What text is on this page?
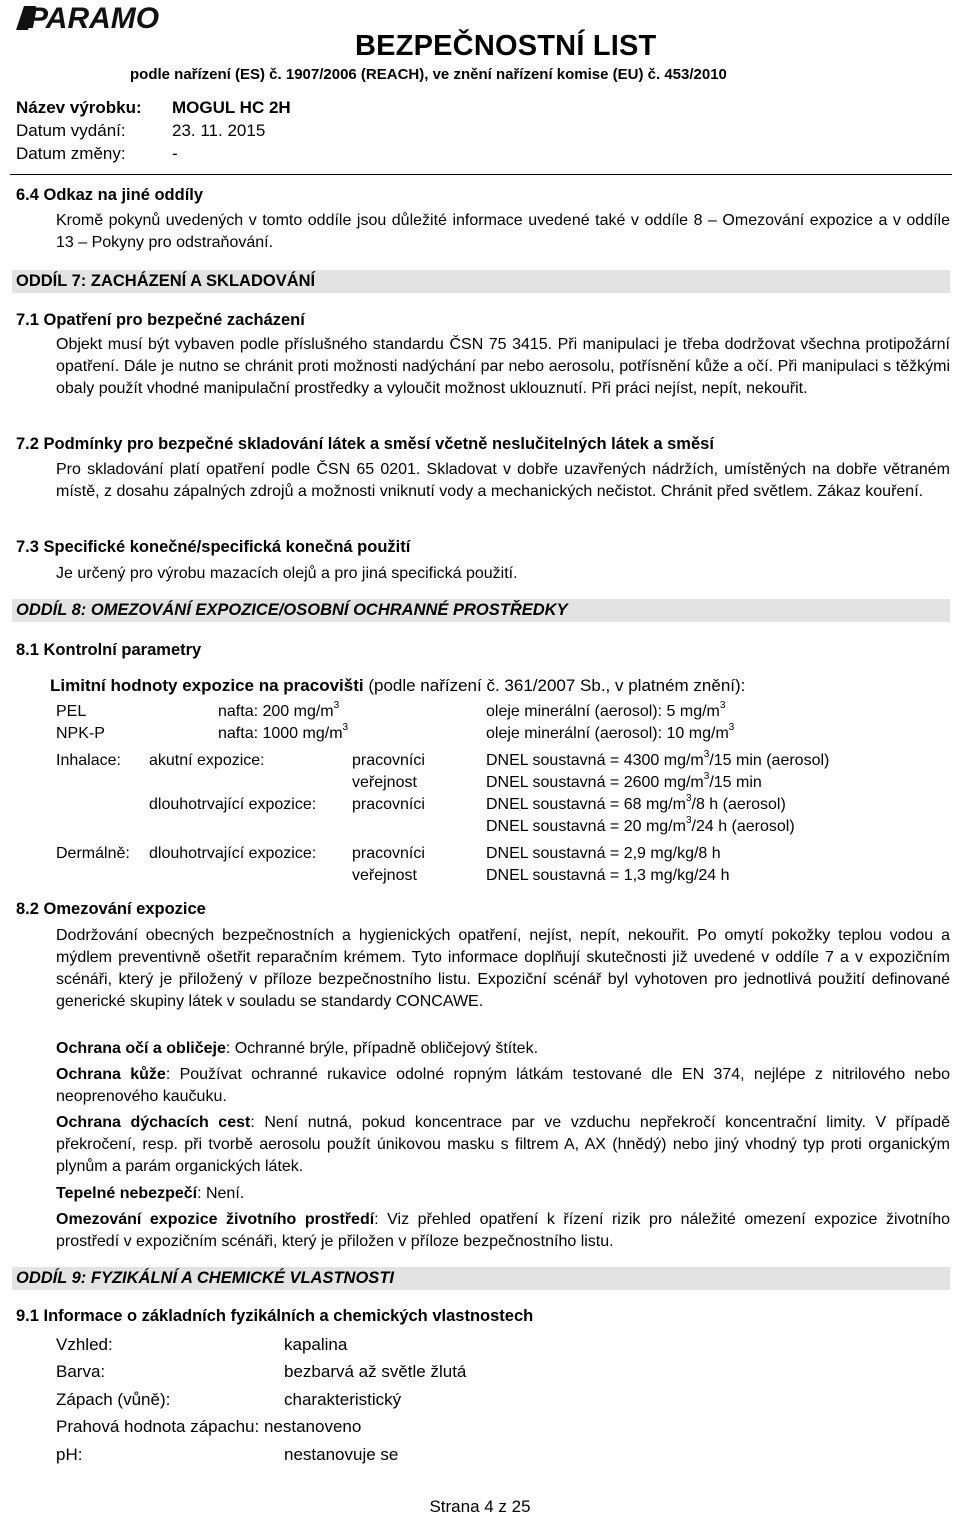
PARAMO
BEZPEČNOSTNÍ LIST
podle nařízení (ES) č. 1907/2006 (REACH), ve znění nařízení komise (EU) č. 453/2010
Název výrobku: MOGUL HC 2H
Datum vydání:	23. 11. 2015
Datum změny:	-
6.4 Odkaz na jiné oddíly
Kromě pokynů uvedených v tomto oddíle jsou důležité informace uvedené také v oddíle 8 – Omezování expozice a v oddíle 13 – Pokyny pro odstraňování.
ODDÍL 7: ZACHÁZENÍ A SKLADOVÁNÍ
7.1 Opatření pro bezpečné zacházení
Objekt musí být vybaven podle příslušného standardu ČSN 75 3415. Při manipulaci je třeba dodržovat všechna protipožární opatření. Dále je nutno se chránit proti možnosti nadýchání par nebo aerosolu, potřísnění kůže a očí. Při manipulaci s těžkými obaly použít vhodné manipulační prostředky a vyloučit možnost uklouznutí. Při práci nejíst, nepít, nekouřit.
7.2 Podmínky pro bezpečné skladování látek a směsí včetně neslučitelných látek a směsí
Pro skladování platí opatření podle ČSN 65 0201. Skladovat v dobře uzavřených nádržích, umístěných na dobře větraném místě, z dosahu zápalných zdrojů a možnosti vniknutí vody a mechanických nečistot. Chránit před světlem. Zákaz kouření.
7.3 Specifické konečné/specifická konečná použití
Je určený pro výrobu mazacích olejů a pro jiná specifická použití.
ODDÍL 8: OMEZOVÁNÍ EXPOZICE/OSOBNÍ OCHRANNÉ PROSTŘEDKY
8.1 Kontrolní parametry
Limitní hodnoty expozice na pracovišti (podle nařízení č. 361/2007 Sb., v platném znění):
PEL	nafta: 200 $mg/m^3$	oleje minerální (aerosol): 5 $mg/m^3$
NPK-P	nafta: 1000 $mg/m^3$	oleje minerální (aerosol): 10 $mg/m^3$
Inhalace: akutní expozice:	pracovníci	DNEL soustavná = 4300 $mg/m^3/15$ min (aerosol)
veřejnost	DNEL soustavná = 2600 $mg/m^3/15$ min
dlouhotrvající expozice: pracovníci	DNEL soustavná = 68 $mg/m^3/8$ h (aerosol)
DNEL soustavná = 20 $mg/m^3/24$ h (aerosol)
Dermálně: dlouhotrvající expozice: pracovníci	DNEL soustavná = 2,9 mg/kg/8 h
veřejnost	DNEL soustavná = 1,3 mg/kg/24 h
8.2 Omezování expozice
Dodržování obecných bezpečnostních a hygienických opatření, nejíst, nepít, nekouřit. Po omytí pokožky teplou vodou a mýdlem preventivně ošetřit reparačním krémem. Tyto informace doplňují skutečnosti již uvedené v oddíle 7 a v expozičním scénáři, který je přiložený v příloze bezpečnostního listu. Expoziční scénář byl vyhotoven pro jednotlivá použití definované generické skupiny látek v souladu se standardy CONCAWE.
Ochrana očí a obličeje: Ochranné brýle, případně obličejový štítek.
Ochrana kůže: Používat ochranné rukavice odolné ropným látkám testované dle EN 374, nejlépe z nitrilového nebo neoprenového kaučuku.
Ochrana dýchacích cest: Není nutná, pokud koncentrace par ve vzduchu nepřekročí koncentrační limity. V případě překročení, resp. při tvorbě aerosolu použít únikovou masku s filtrem A, AX (hnědý) nebo jiný vhodný typ proti organickým plynům a parám organických látek.
Tepelné nebezpečí: Není.
Omezování expozice životního prostředí: Viz přehled opatření k řízení rizik pro náležité omezení expozice životního prostředí v expozičním scénáři, který je přiložen v příloze bezpečnostního listu.
ODDÍL 9: FYZIKÁLNÍ A CHEMICKÉ VLASTNOSTI
9.1 Informace o základních fyzikálních a chemických vlastnostech
Vzhled:	kapalina
Barva:	bezbarvá až světle žlutá
Zápach (vůně):	charakteristický
Prahová hodnota zápachu: nestanoveno
pH:	nestanovuje se
Strana 4 z 25
